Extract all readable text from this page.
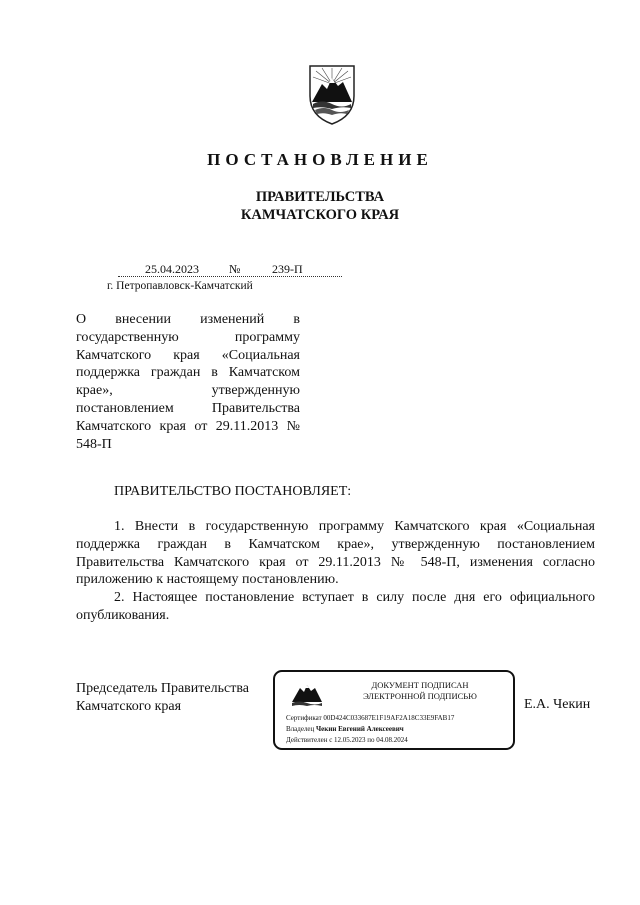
ПОСТАНОВЛЕНИЕ
ПРАВИТЕЛЬСТВА
КАМЧАТСКОГО КРАЯ
25.04.2023	№	239-П
г. Петропавловск-Камчатский
О внесении изменений в государственную программу Камчатского края «Социальная поддержка граждан в Камчатском крае», утвержденную постановлением Правительства Камчатского края от 29.11.2013 № 548-П
ПРАВИТЕЛЬСТВО ПОСТАНОВЛЯЕТ:

1. Внести в государственную программу Камчатского края «Социальная поддержка граждан в Камчатском крае», утвержденную постановлением Правительства Камчатского края от 29.11.2013 № 548-П, изменения согласно приложению к настоящему постановлению.

2. Настоящее постановление вступает в силу после дня его официального опубликования.

Председатель Правительства
Камчатского края
ДОКУМЕНТ ПОДПИСАН
ЭЛЕКТРОННОЙ ПОДПИСЬЮ
Сертификат 00D424C033687E1F19AF2A18C33E9FAB17
Владелец Чекин Евгений Алексеевич
Действителен с 12.05.2023 по 04.08.2024
Е.А. Чекин
